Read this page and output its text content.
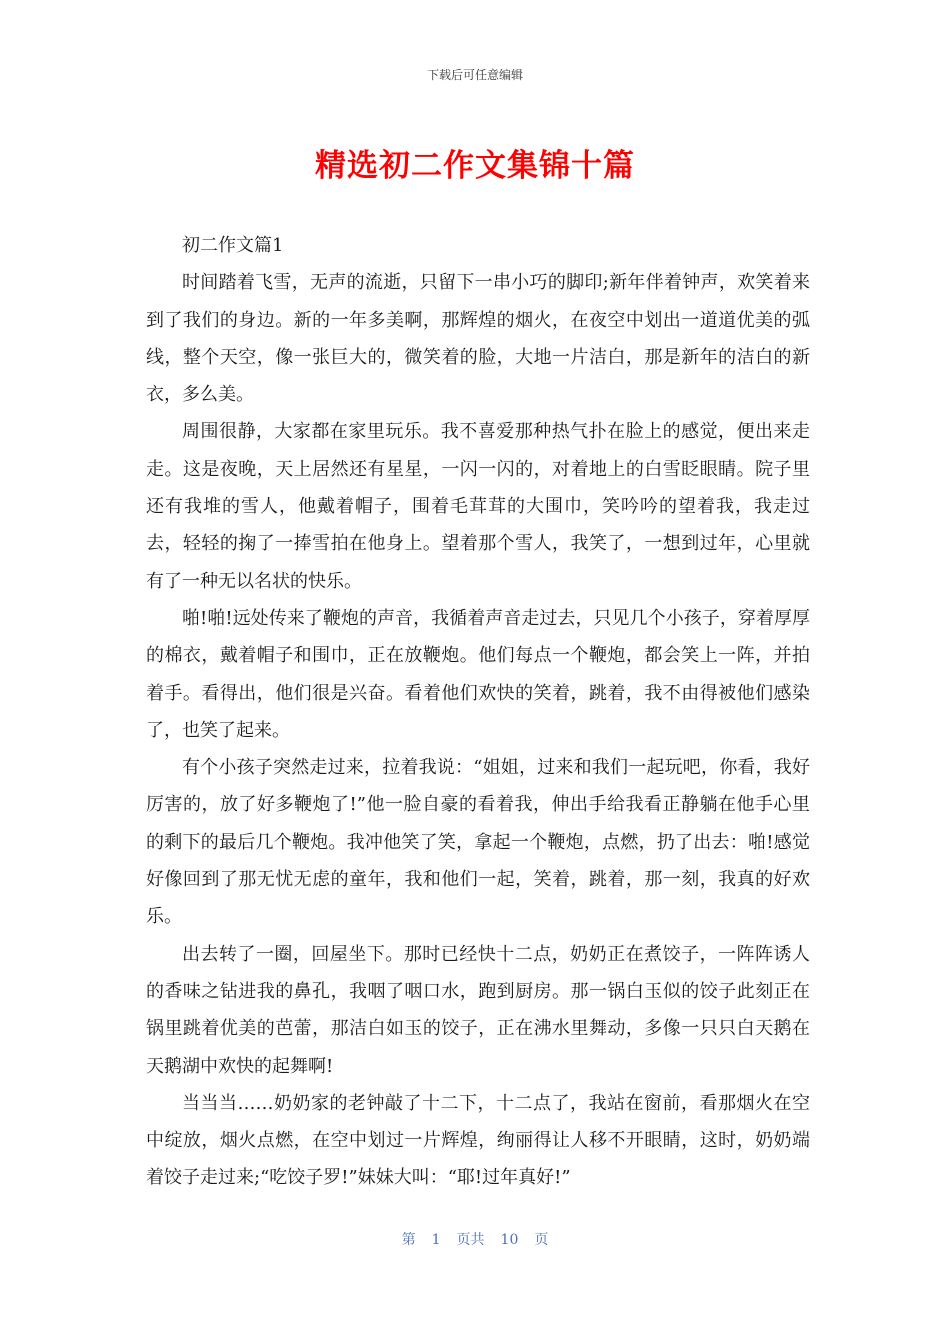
下载后可任意编辑
精选初二作文集锦十篇

初二作文篇1

时间踏着飞雪，无声的流逝，只留下一串小巧的脚印;新年伴着钟声，欢笑着来到了我们的身边。新的一年多美啊，那辉煌的烟火，在夜空中划出一道道优美的弧线，整个天空，像一张巨大的，微笑着的脸，大地一片洁白，那是新年的洁白的新衣，多么美。

周围很静，大家都在家里玩乐。我不喜爱那种热气扑在脸上的感觉，便出来走走。这是夜晚，天上居然还有星星，一闪一闪的，对着地上的白雪眨眼睛。院子里还有我堆的雪人，他戴着帽子，围着毛茸茸的大围巾，笑吟吟的望着我，我走过去，轻轻的掬了一捧雪拍在他身上。望着那个雪人，我笑了，一想到过年，心里就有了一种无以名状的快乐。

啪!啪!远处传来了鞭炮的声音，我循着声音走过去，只见几个小孩子，穿着厚厚的棉衣，戴着帽子和围巾，正在放鞭炮。他们每点一个鞭炮，都会笑上一阵，并拍着手。看得出，他们很是兴奋。看着他们欢快的笑着，跳着，我不由得被他们感染了，也笑了起来。

有个小孩子突然走过来，拉着我说：“姐姐，过来和我们一起玩吧，你看，我好厉害的，放了好多鞭炮了!”他一脸自豪的看着我，伸出手给我看正静躺在他手心里的剩下的最后几个鞭炮。我冲他笑了笑，拿起一个鞭炮，点燃，扔了出去：啪!感觉好像回到了那无忧无虑的童年，我和他们一起，笑着，跳着，那一刻，我真的好欢乐。

出去转了一圈，回屋坐下。那时已经快十二点，奶奶正在煮饺子，一阵阵诱人的香味之钻进我的鼻孔，我咽了咽口水，跑到厨房。那一锅白玉似的饺子此刻正在锅里跳着优美的芭蕾，那洁白如玉的饺子，正在沸水里舞动，多像一只只白天鹅在天鹅湖中欢快的起舞啊!

当当当……奶奶家的老钟敲了十二下，十二点了，我站在窗前，看那烟火在空中绽放，烟火点燃，在空中划过一片辉煌，绚丽得让人移不开眼睛，这时，奶奶端着饺子走过来;“吃饺子罗!”妹妹大叫：“耶!过年真好!”

第 1 页共 10 页
